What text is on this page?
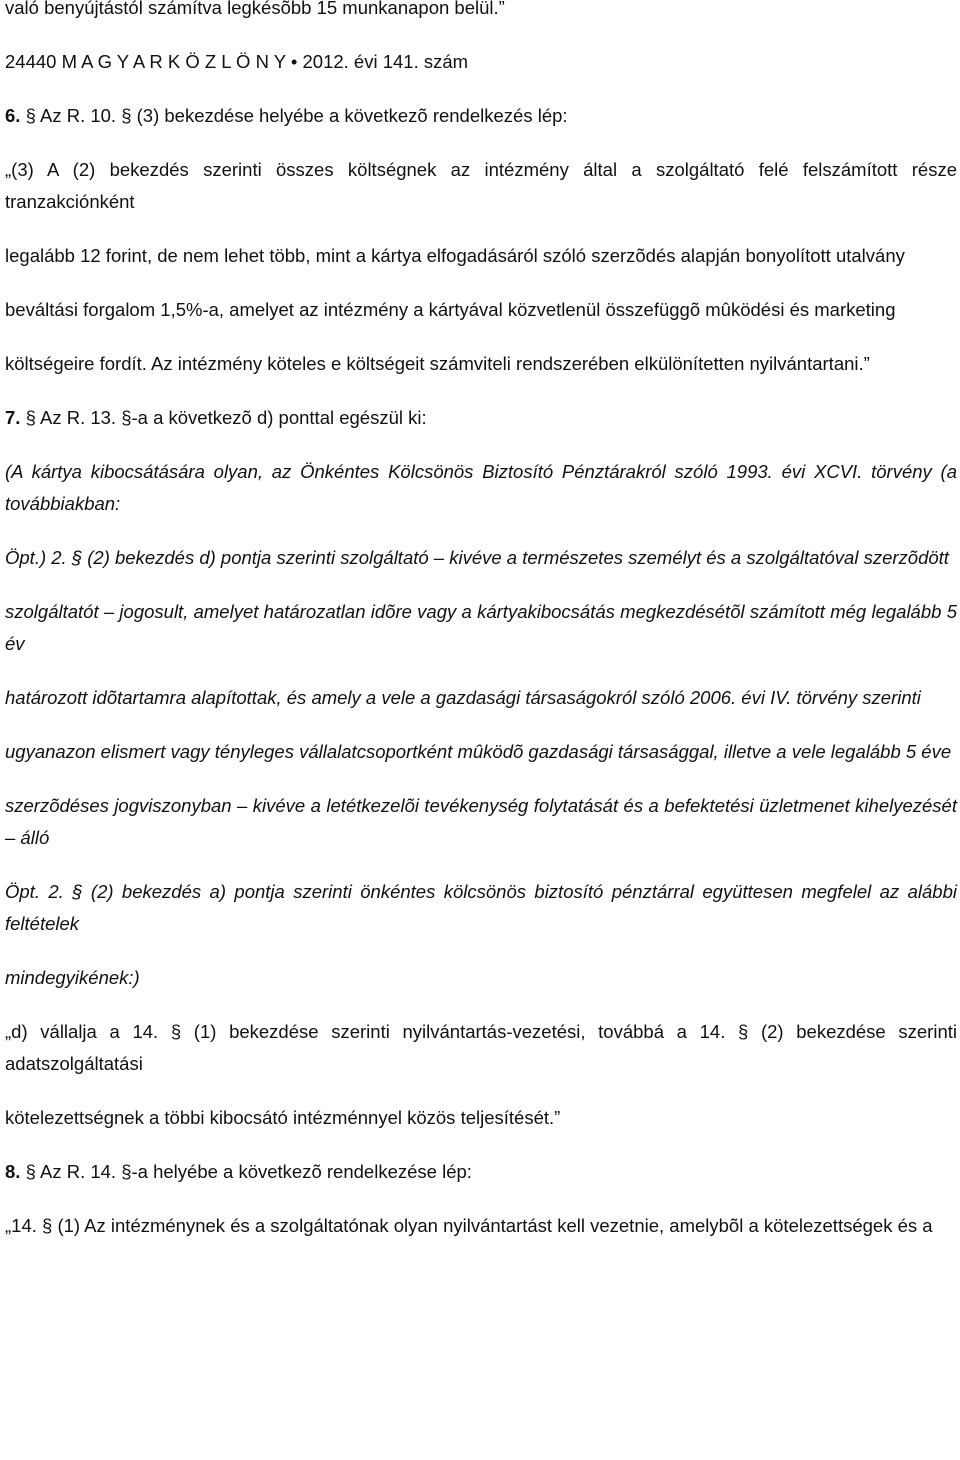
való benyújtástól számítva legkésõbb 15 munkanapon belül.”

24440 M A G Y A R K Ö Z L Ö N Y • 2012. évi 141. szám

6. § Az R. 10. § (3) bekezdése helyébe a következõ rendelkezés lép:

„(3) A (2) bekezdés szerinti összes költségnek az intézmény által a szolgáltató felé felszámított része tranzakciónként

legalább 12 forint, de nem lehet több, mint a kártya elfogadásáról szóló szerzõdés alapján bonyolított utalvány

beváltási forgalom 1,5%-a, amelyet az intézmény a kártyával közvetlenül összefüggõ mûködési és marketing

költségeire fordít. Az intézmény köteles e költségeit számviteli rendszerében elkülönítetten nyilvántartani.”

7. § Az R. 13. §-a a következõ d) ponttal egészül ki:

(A kártya kibocsátására olyan, az Önkéntes Kölcsönös Biztosító Pénztárakról szóló 1993. évi XCVI. törvény (a továbbiakban:

Öpt.) 2. § (2) bekezdés d) pontja szerinti szolgáltató – kivéve a természetes személyt és a szolgáltatóval szerzõdött

szolgáltatót – jogosult, amelyet határozatlan idõre vagy a kártyakibocsátás megkezdésétõl számított még legalább 5 év

határozott idõtartamra alapítottak, és amely a vele a gazdasági társaságokról szóló 2006. évi IV. törvény szerinti

ugyanazon elismert vagy tényleges vállalatcsoportként mûködõ gazdasági társasággal, illetve a vele legalább 5 éve

szerzõdéses jogviszonyban – kivéve a letétkezelõi tevékenység folytatását és a befektetési üzletmenet kihelyezését – álló

Öpt. 2. § (2) bekezdés a) pontja szerinti önkéntes kölcsönös biztosító pénztárral együttesen megfelel az alábbi feltételek

mindegyikének:)

„d) vállalja a 14. § (1) bekezdése szerinti nyilvántartás-vezetési, továbbá a 14. § (2) bekezdése szerinti adatszolgáltatási

kötelezettségnek a többi kibocsátó intézménnyel közös teljesítését.”

8. § Az R. 14. §-a helyébe a következõ rendelkezése lép:

„14. § (1) Az intézménynek és a szolgáltatónak olyan nyilvántartást kell vezetnie, amelybõl a kötelezettségek és a
